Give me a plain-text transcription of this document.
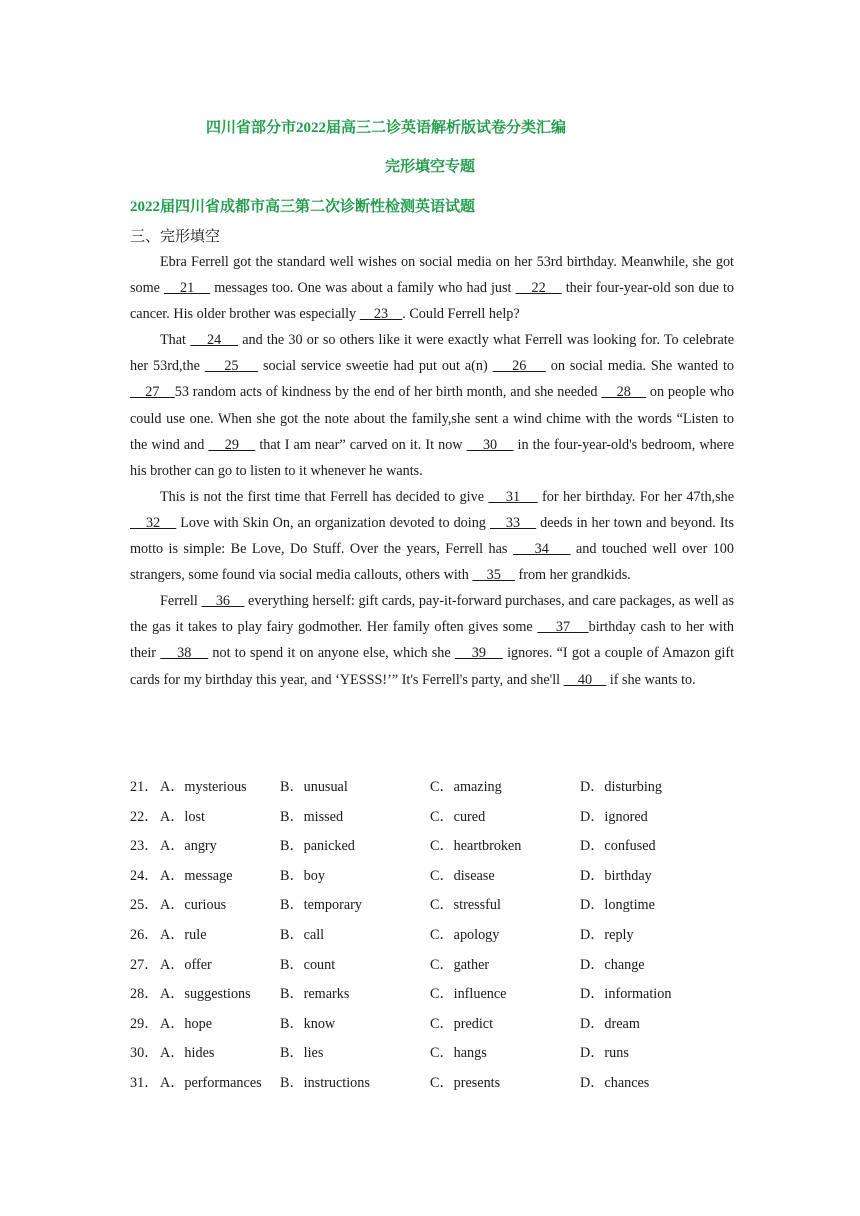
四川省部分市2022届高三二诊英语解析版试卷分类汇编
完形填空专题
2022届四川省成都市高三第二次诊断性检测英语试题
三、完形填空

Ebra Ferrell got the standard well wishes on social media on her 53rd birthday. Meanwhile, she got some     21     messages too. One was about a family who had just     22     their four-year-old son due to cancer. His older brother was especially     23    . Could Ferrell help?

That     24     and the 30 or so others like it were exactly what Ferrell was looking for. To celebrate her 53rd,the     25     social service sweetie had put out a(n)     26     on social media. She wanted to     27    53 random acts of kindness by the end of her birth month, and she needed     28     on people who could use one. When she got the note about the family,she sent a wind chime with the words “Listen to the wind and     29     that I am near” carved on it. It now     30     in the four-year-old's bedroom, where his brother can go to listen to it whenever he wants.

This is not the first time that Ferrell has decided to give     31     for her birthday. For her 47th,she     32     Love with Skin On, an organization devoted to doing     33     deeds in her town and beyond. Its motto is simple: Be Love, Do Stuff. Over the years, Ferrell has     34     and touched well over 100 strangers, some found via social media callouts, others with     35     from her grandkids.

Ferrell     36     everything herself: gift cards, pay-it-forward purchases, and care packages, as well as the gas it takes to play fairy godmother. Her family often gives some     37    birthday cash to her with their     38     not to spend it on anyone else, which she     39     ignores. “I got a couple of Amazon gift cards for my birthday this year, and ‘YESSS!’” It's Ferrell's party, and she'll     40     if she wants to.

21． A．mysterious B．unusual	C．amazing	D．disturbing
22． A．lost	B．missed	C．cured	D．ignored
23． A．angry	B．panicked	C．heartbroken	D．confused
24． A．message	B．boy	C．disease	D．birthday
25． A．curious	B．temporary	C．stressful	D．longtime
26． A．rule	B．call	C．apology	D．reply
27． A．offer	B．count	C．gather	D．change
28． A．suggestions B．remarks	C．influence	D．information
29． A．hope	B．know	C．predict	D．dream
30． A．hides	B．lies	C．hangs	D．runs
31． A．performances B．instructions	C．presents	D．chances
